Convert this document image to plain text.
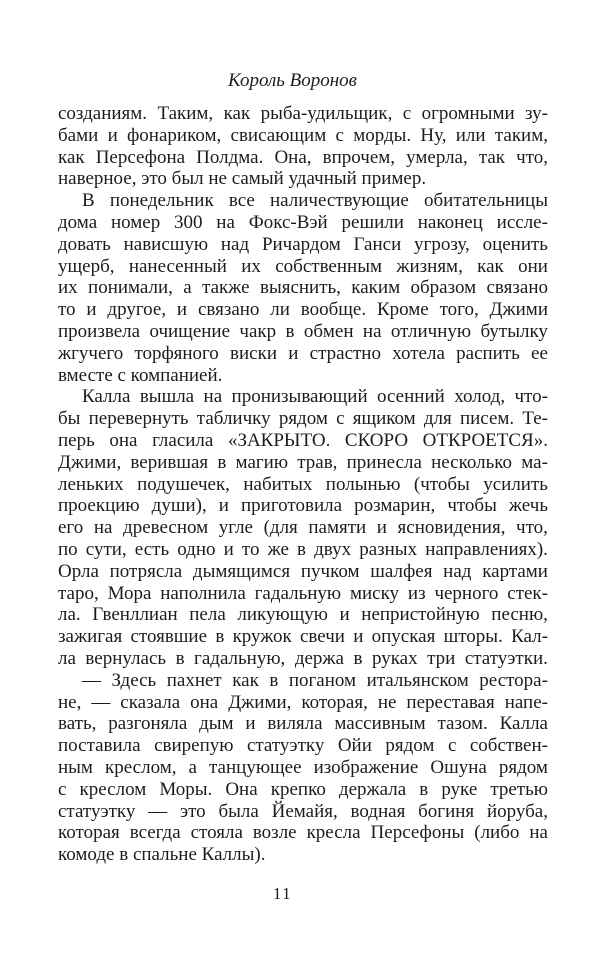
Король Воронов
созданиям. Таким, как рыба-удильщик, с огромными зу-
бами и фонариком, свисающим с морды. Ну, или таким,
как Персефона Полдма. Она, впрочем, умерла, так что,
наверное, это был не самый удачный пример.
В понедельник все наличествующие обитательницы
дома номер 300 на Фокс-Вэй решили наконец иссле-
довать нависшую над Ричардом Ганси угрозу, оценить
ущерб, нанесенный их собственным жизням, как они
их понимали, а также выяснить, каким образом связано
то и другое, и связано ли вообще. Кроме того, Джими
произвела очищение чакр в обмен на отличную бутылку
жгучего торфяного виски и страстно хотела распить ее
вместе с компанией.
Калла вышла на пронизывающий осенний холод, что-
бы перевернуть табличку рядом с ящиком для писем. Те-
перь она гласила «ЗАКРЫТО. СКОРО ОТКРОЕТСЯ».
Джими, верившая в магию трав, принесла несколько ма-
леньких подушечек, набитых полынью (чтобы усилить
проекцию души), и приготовила розмарин, чтобы жечь
его на древесном угле (для памяти и ясновидения, что,
по сути, есть одно и то же в двух разных направлениях).
Орла потрясла дымящимся пучком шалфея над картами
таро, Мора наполнила гадальную миску из черного стек-
ла. Гвенллиан пела ликующую и непристойную песню,
зажигая стоявшие в кружок свечи и опуская шторы. Кал-
ла вернулась в гадальную, держа в руках три статуэтки.
— Здесь пахнет как в поганом итальянском рестора-
не, — сказала она Джими, которая, не переставая напе-
вать, разгоняла дым и виляла массивным тазом. Калла
поставила свирепую статуэтку Ойи рядом с собствен-
ным креслом, а танцующее изображение Ошуна рядом
с креслом Моры. Она крепко держала в руке третью
статуэтку — это была Йемайя, водная богиня йоруба,
которая всегда стояла возле кресла Персефоны (либо на
комоде в спальне Каллы).
11
